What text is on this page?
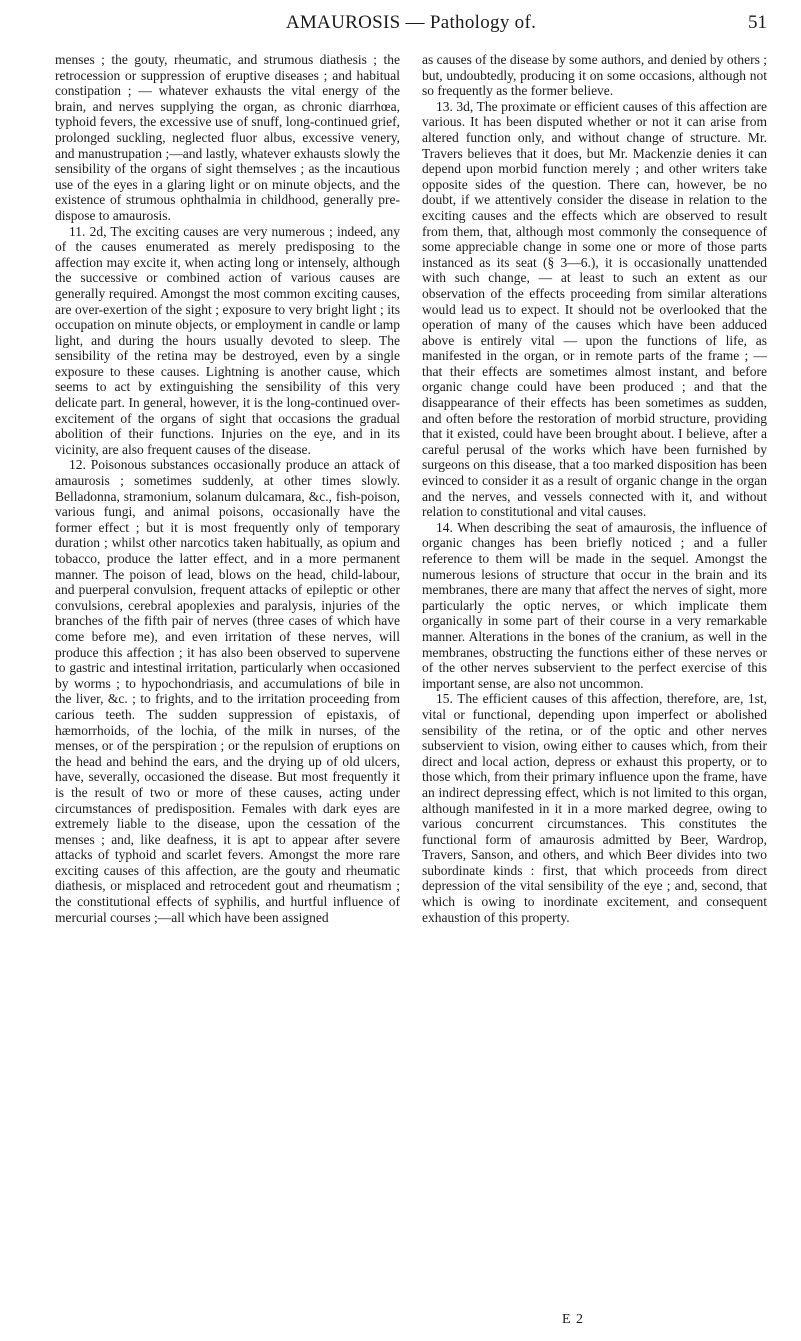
AMAUROSIS — Pathology of.	51

menses ; the gouty, rheumatic, and strumous diathesis ; the retrocession or suppression of eruptive diseases ; and habitual constipation ; — whatever exhausts the vital energy of the brain, and nerves supplying the organ, as chronic diarrhœa, typhoid fevers, the excessive use of snuff, long-continued grief, prolonged suckling, neglected fluor albus, excessive venery, and manustrupation ;—and lastly, whatever exhausts slowly the sensibility of the organs of sight themselves ; as the incautious use of the eyes in a glaring light or on minute objects, and the existence of strumous ophthalmia in childhood, generally pre-dispose to amaurosis.

11. 2d, The exciting causes are very numerous ; indeed, any of the causes enumerated as merely predisposing to the affection may excite it, when acting long or intensely, although the successive or combined action of various causes are generally required. Amongst the most common exciting causes, are over-exertion of the sight ; exposure to very bright light ; its occupation on minute objects, or employment in candle or lamp light, and during the hours usually devoted to sleep. The sensibility of the retina may be destroyed, even by a single exposure to these causes. Lightning is another cause, which seems to act by extinguishing the sensibility of this very delicate part. In general, however, it is the long-continued over-excitement of the organs of sight that occasions the gradual abolition of their functions. Injuries on the eye, and in its vicinity, are also frequent causes of the disease.

12. Poisonous substances occasionally produce an attack of amaurosis ; sometimes suddenly, at other times slowly. Belladonna, stramonium, solanum dulcamara, &c., fish-poison, various fungi, and animal poisons, occasionally have the former effect ; but it is most frequently only of temporary duration ; whilst other narcotics taken habitually, as opium and tobacco, produce the latter effect, and in a more permanent manner. The poison of lead, blows on the head, child-labour, and puerperal convulsion, frequent attacks of epileptic or other convulsions, cerebral apoplexies and paralysis, injuries of the branches of the fifth pair of nerves (three cases of which have come before me), and even irritation of these nerves, will produce this affection ; it has also been observed to supervene to gastric and intestinal irritation, particularly when occasioned by worms ; to hypochondriasis, and accumulations of bile in the liver, &c. ; to frights, and to the irritation proceeding from carious teeth. The sudden suppression of epistaxis, of hæmorrhoids, of the lochia, of the milk in nurses, of the menses, or of the perspiration ; or the repulsion of eruptions on the head and behind the ears, and the drying up of old ulcers, have, severally, occasioned the disease. But most frequently it is the result of two or more of these causes, acting under circumstances of predisposition. Females with dark eyes are extremely liable to the disease, upon the cessation of the menses ; and, like deafness, it is apt to appear after severe attacks of typhoid and scarlet fevers. Amongst the more rare exciting causes of this affection, are the gouty and rheumatic diathesis, or misplaced and retrocedent gout and rheumatism ; the constitutional effects of syphilis, and hurtful influence of mercurial courses ;—all which have been assigned

as causes of the disease by some authors, and denied by others ; but, undoubtedly, producing it on some occasions, although not so frequently as the former believe.

13. 3d, The proximate or efficient causes of this affection are various. It has been disputed whether or not it can arise from altered function only, and without change of structure. Mr. Travers believes that it does, but Mr. Mackenzie denies it can depend upon morbid function merely ; and other writers take opposite sides of the question. There can, however, be no doubt, if we attentively consider the disease in relation to the exciting causes and the effects which are observed to result from them, that, although most commonly the consequence of some appreciable change in some one or more of those parts instanced as its seat (§ 3—6.), it is occasionally unattended with such change, — at least to such an extent as our observation of the effects proceeding from similar alterations would lead us to expect. It should not be overlooked that the operation of many of the causes which have been adduced above is entirely vital — upon the functions of life, as manifested in the organ, or in remote parts of the frame ; — that their effects are sometimes almost instant, and before organic change could have been produced ; and that the disappearance of their effects has been sometimes as sudden, and often before the restoration of morbid structure, providing that it existed, could have been brought about. I believe, after a careful perusal of the works which have been furnished by surgeons on this disease, that a too marked disposition has been evinced to consider it as a result of organic change in the organ and the nerves, and vessels connected with it, and without relation to constitutional and vital causes.

14. When describing the seat of amaurosis, the influence of organic changes has been briefly noticed ; and a fuller reference to them will be made in the sequel. Amongst the numerous lesions of structure that occur in the brain and its membranes, there are many that affect the nerves of sight, more particularly the optic nerves, or which implicate them organically in some part of their course in a very remarkable manner. Alterations in the bones of the cranium, as well in the membranes, obstructing the functions either of these nerves or of the other nerves subservient to the perfect exercise of this important sense, are also not uncommon.

15. The efficient causes of this affection, therefore, are, 1st, vital or functional, depending upon imperfect or abolished sensibility of the retina, or of the optic and other nerves subservient to vision, owing either to causes which, from their direct and local action, depress or exhaust this property, or to those which, from their primary influence upon the frame, have an indirect depressing effect, which is not limited to this organ, although manifested in it in a more marked degree, owing to various concurrent circumstances. This constitutes the functional form of amaurosis admitted by Beer, Wardrop, Travers, Sanson, and others, and which Beer divides into two subordinate kinds : first, that which proceeds from direct depression of the vital sensibility of the eye ; and, second, that which is owing to inordinate excitement, and consequent exhaustion of this property.

E 2
